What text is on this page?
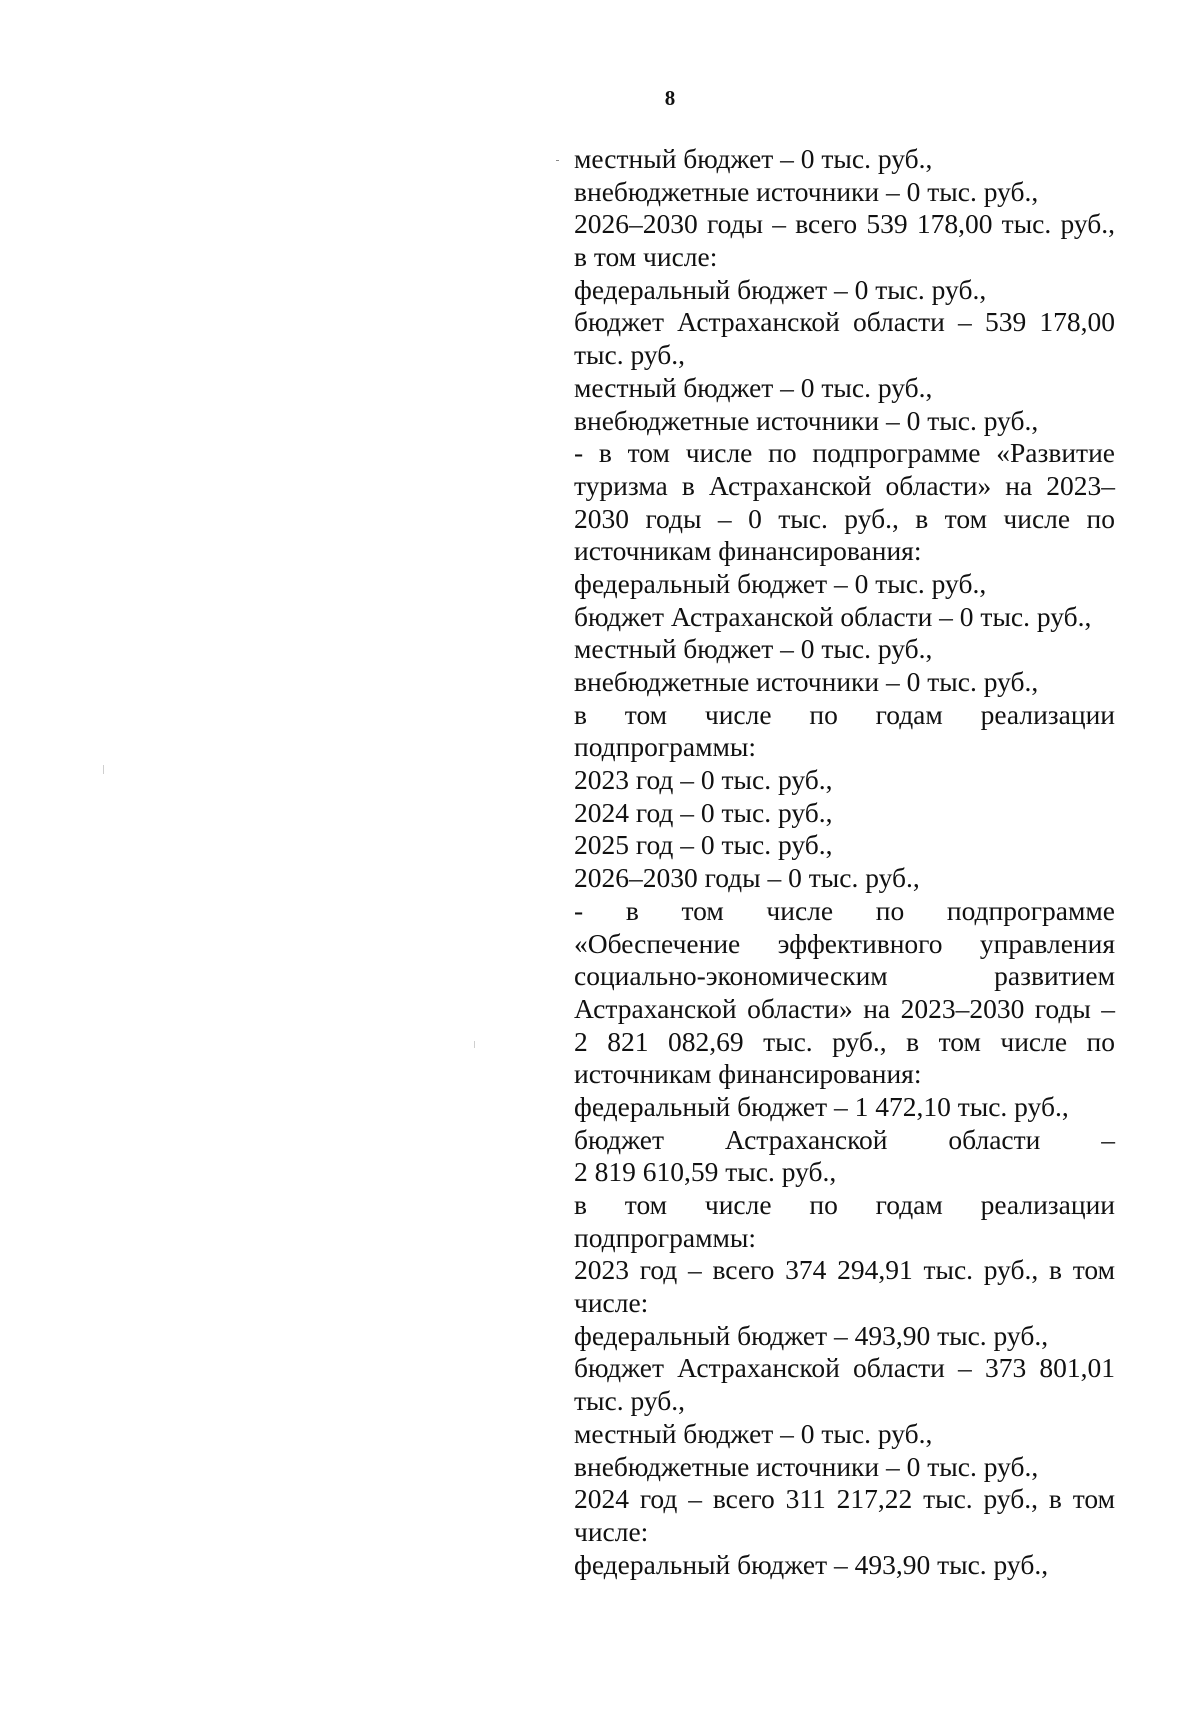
8
местный бюджет – 0 тыс. руб.,
внебюджетные источники – 0 тыс. руб.,
2026–2030 годы – всего 539 178,00 тыс. руб.,
в том числе:
федеральный бюджет – 0 тыс. руб.,
бюджет Астраханской области – 539 178,00
тыс. руб.,
местный бюджет – 0 тыс. руб.,
внебюджетные источники – 0 тыс. руб.,
- в том числе по подпрограмме «Развитие
туризма в Астраханской области» на 2023–
2030 годы – 0 тыс. руб., в том числе по
источникам финансирования:
федеральный бюджет – 0 тыс. руб.,
бюджет Астраханской области – 0 тыс. руб.,
местный бюджет – 0 тыс. руб.,
внебюджетные источники – 0 тыс. руб.,
в том числе по годам реализации
подпрограммы:
2023 год – 0 тыс. руб.,
2024 год – 0 тыс. руб.,
2025 год – 0 тыс. руб.,
2026–2030 годы – 0 тыс. руб.,
- в том числе по подпрограмме
«Обеспечение эффективного управления
социально-экономическим развитием
Астраханской области» на 2023–2030 годы –
2 821 082,69 тыс. руб., в том числе по
источникам финансирования:
федеральный бюджет – 1 472,10 тыс. руб.,
бюджет Астраханской области –
2 819 610,59 тыс. руб.,
в том числе по годам реализации
подпрограммы:
2023 год – всего 374 294,91 тыс. руб., в том
числе:
федеральный бюджет – 493,90 тыс. руб.,
бюджет Астраханской области – 373 801,01
тыс. руб.,
местный бюджет – 0 тыс. руб.,
внебюджетные источники – 0 тыс. руб.,
2024 год – всего 311 217,22 тыс. руб., в том
числе:
федеральный бюджет – 493,90 тыс. руб.,
